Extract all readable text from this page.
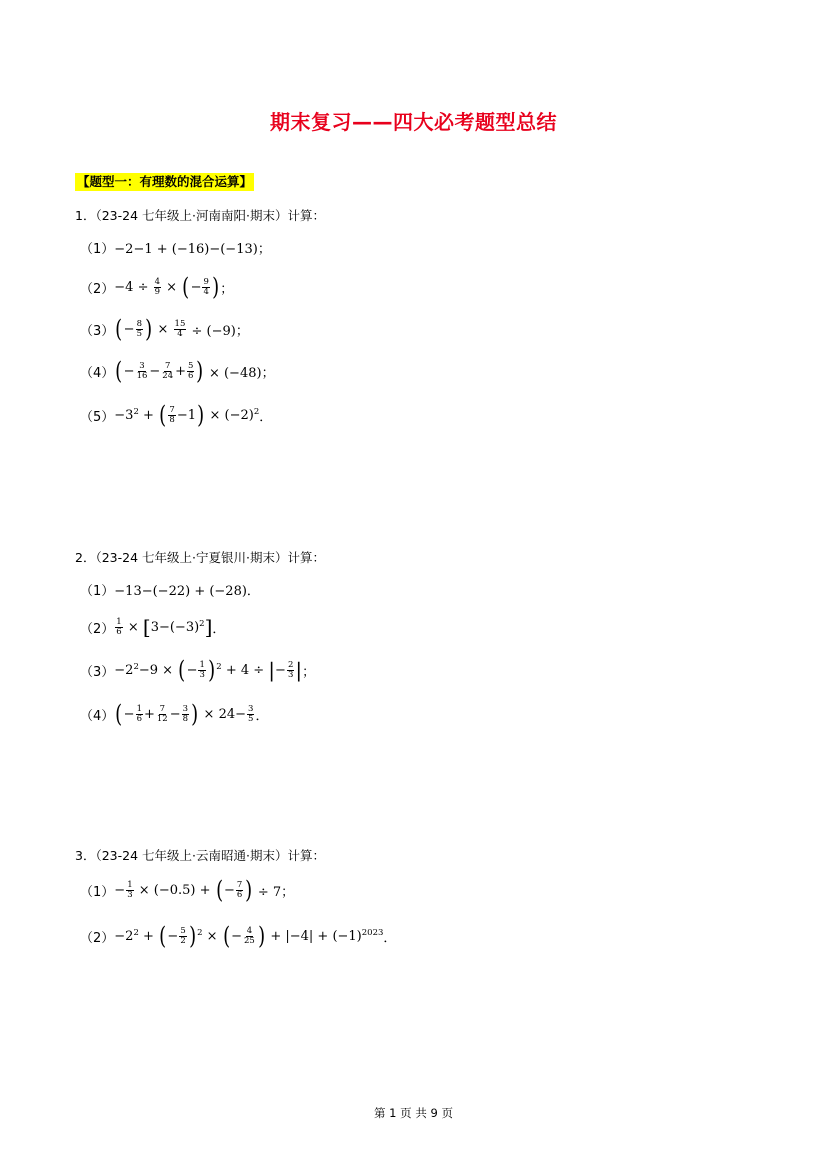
期末复习——四大必考题型总结
【题型一：有理数的混合运算】
1．（23-24 七年级上·河南南阳·期末）计算：
（1） −2−1 + (−16)−(−13)；
$(2) -4 \div \frac{4}{9}$ × ( − $\frac{9}{4}$ ) ；
（3） ( − $\frac{8}{5}$ ) × $\frac{15}{4} \div (-9)$；
（4） ( − $\frac{3}{16} - \frac{7}{24} + \frac{5}{6}$ ) × (−48)；
$(5) -3^2$ + ( $\frac{7}{8} -1$ ) × $(-2)^2$ ．
2．（23-24 七年级上·宁夏银川·期末）计算：
（1） −13−(−22) + (−28)．
$(2) \frac{1}{6}$ × [ $3-(-3)^2$ ] ．
$(3) -2^2 -9$ × ( − $\frac{1}{3} )^2 + 4$ ÷ | − $\frac{2}{3}$ | ；
（4） ( − $\frac{1}{6} + \frac{7}{12} - \frac{3}{8}$ ) × $24- \frac{3}{5}$ ．
3．（23-24 七年级上·云南昭通·期末）计算：
$(1) - \frac{1}{3} \times (-0.5)$ + ( − $\frac{7}{6}$ ) ÷ 7；
$(2) -2^2$ + ( − $\frac{5}{2} )^2$ × ( − $\frac{4}{25}$ ) + $|-4| + (-1)^{2023}$ ．
第 1 页 共 9 页
